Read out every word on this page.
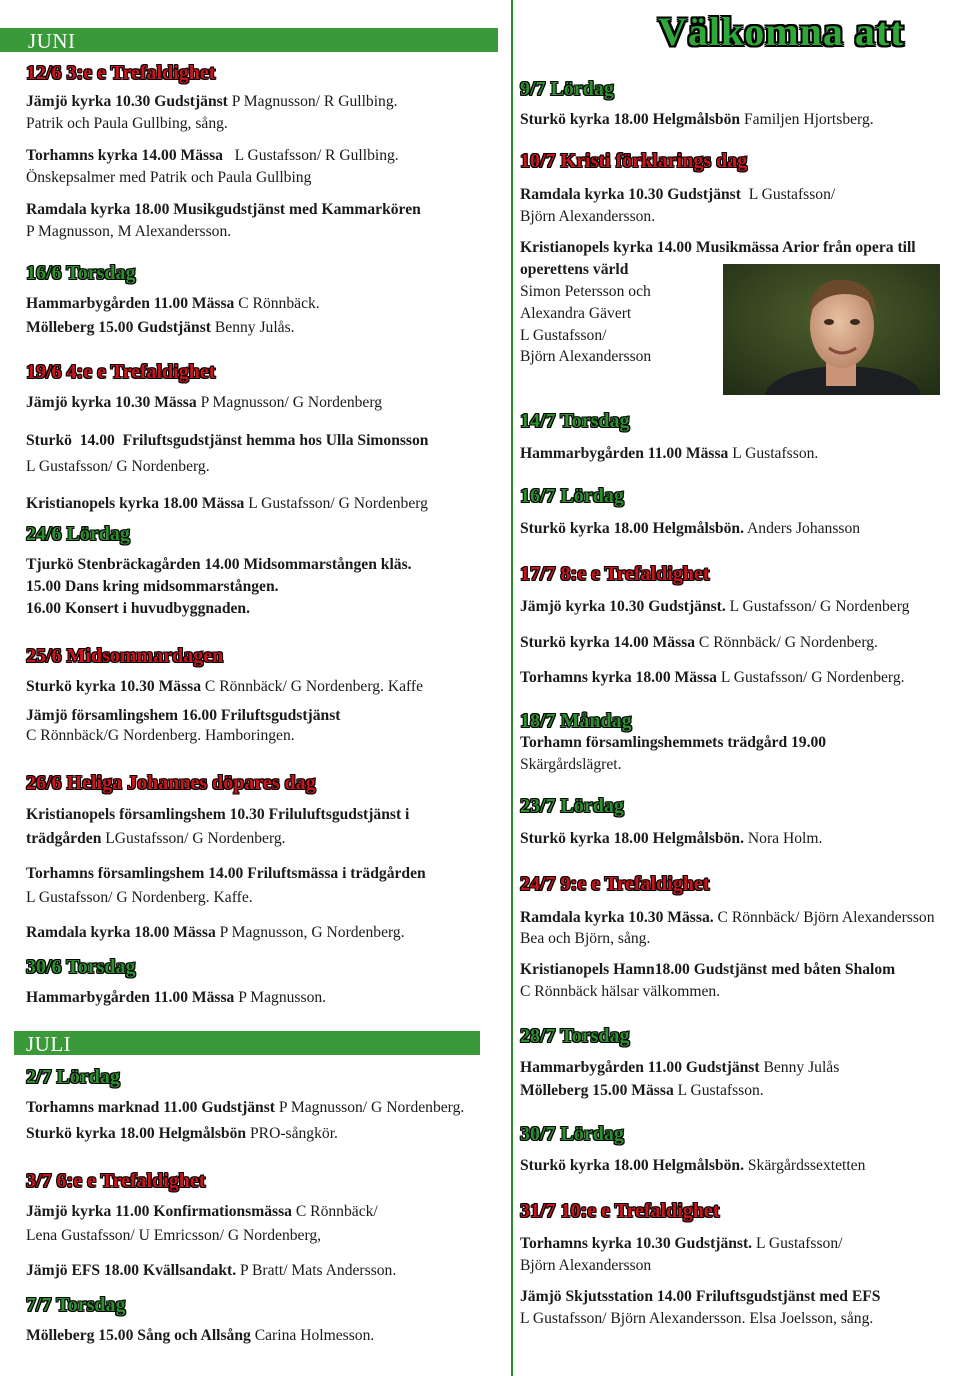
Välkomna att
JUNI
JULI
12/6 3:e e Trefaldighet
Jämjö kyrka 10.30 Gudstjänst P Magnusson/ R Gullbing.
Patrik och Paula Gullbing, sång.
Torhamns kyrka 14.00 Mässa   L Gustafsson/ R Gullbing.
Önskepsalmer med Patrik och Paula Gullbing
Ramdala kyrka 18.00 Musikgudstjänst med Kammarkören
P Magnusson, M Alexandersson.
16/6 Torsdag
Hammarbygården 11.00 Mässa C Rönnbäck.
Mölleberg 15.00 Gudstjänst Benny Julås.
19/6 4:e e Trefaldighet
Jämjö kyrka 10.30 Mässa P Magnusson/ G Nordenberg
Sturkö  14.00  Friluftsgudstjänst hemma hos Ulla Simonsson
L Gustafsson/ G Nordenberg.
Kristianopels kyrka 18.00 Mässa L Gustafsson/ G Nordenberg
24/6 Lördag
Tjurkö Stenbräckagården 14.00 Midsommarstången kläs.
15.00 Dans kring midsommarstången.
16.00 Konsert i huvudbyggnaden.
25/6 Midsommardagen
Sturkö kyrka 10.30 Mässa C Rönnbäck/ G Nordenberg. Kaffe
Jämjö församlingshem 16.00 Friluftsgudstjänst
C Rönnbäck/G Nordenberg. Hamboringen.
26/6 Heliga Johannes döpares dag
Kristianopels församlingshem 10.30 Friluluftsgudstjänst i
trädgården LGustafsson/ G Nordenberg.
Torhamns församlingshem 14.00 Friluftsmässa i trädgården
L Gustafsson/ G Nordenberg. Kaffe.
Ramdala kyrka 18.00 Mässa P Magnusson, G Nordenberg.
30/6 Torsdag
Hammarbygården 11.00 Mässa P Magnusson.
2/7 Lördag
Torhamns marknad 11.00 Gudstjänst P Magnusson/ G Nordenberg.
Sturkö kyrka 18.00 Helgmålsbön PRO-sångkör.
3/7 6:e e Trefaldighet
Jämjö kyrka 11.00 Konfirmationsmässa C Rönnbäck/
Lena Gustafsson/ U Emricsson/ G Nordenberg,
Jämjö EFS 18.00 Kvällsandakt. P Bratt/ Mats Andersson.
7/7 Torsdag
Mölleberg 15.00 Sång och Allsång Carina Holmesson.
9/7 Lördag
Sturkö kyrka 18.00 Helgmålsbön Familjen Hjortsberg.
10/7 Kristi förklarings dag
Ramdala kyrka 10.30 Gudstjänst  L Gustafsson/
Björn Alexandersson.
Kristianopels kyrka 14.00 Musikmässa Arior från opera till
operettens värld
Simon Petersson och
Alexandra Gävert
L Gustafsson/
Björn Alexandersson
14/7 Torsdag
Hammarbygården 11.00 Mässa L Gustafsson.
16/7 Lördag
Sturkö kyrka 18.00 Helgmålsbön. Anders Johansson
17/7 8:e e Trefaldighet
Jämjö kyrka 10.30 Gudstjänst. L Gustafsson/ G Nordenberg
Sturkö kyrka 14.00 Mässa C Rönnbäck/ G Nordenberg.
Torhamns kyrka 18.00 Mässa L Gustafsson/ G Nordenberg.
18/7 Måndag
Torhamn församlingshemmets trädgård 19.00
Skärgårdslägret.
23/7 Lördag
Sturkö kyrka 18.00 Helgmålsbön. Nora Holm.
24/7 9:e e Trefaldighet
Ramdala kyrka 10.30 Mässa. C Rönnbäck/ Björn Alexandersson
Bea och Björn, sång.
Kristianopels Hamn18.00 Gudstjänst med båten Shalom
C Rönnbäck hälsar välkommen.
28/7 Torsdag
Hammarbygården 11.00 Gudstjänst Benny Julås
Mölleberg 15.00 Mässa L Gustafsson.
30/7 Lördag
Sturkö kyrka 18.00 Helgmålsbön. Skärgårdssextetten
31/7 10:e e Trefaldighet
Torhamns kyrka 10.30 Gudstjänst. L Gustafsson/
Björn Alexandersson
Jämjö Skjutsstation 14.00 Friluftsgudstjänst med EFS
L Gustafsson/ Björn Alexandersson. Elsa Joelsson, sång.
